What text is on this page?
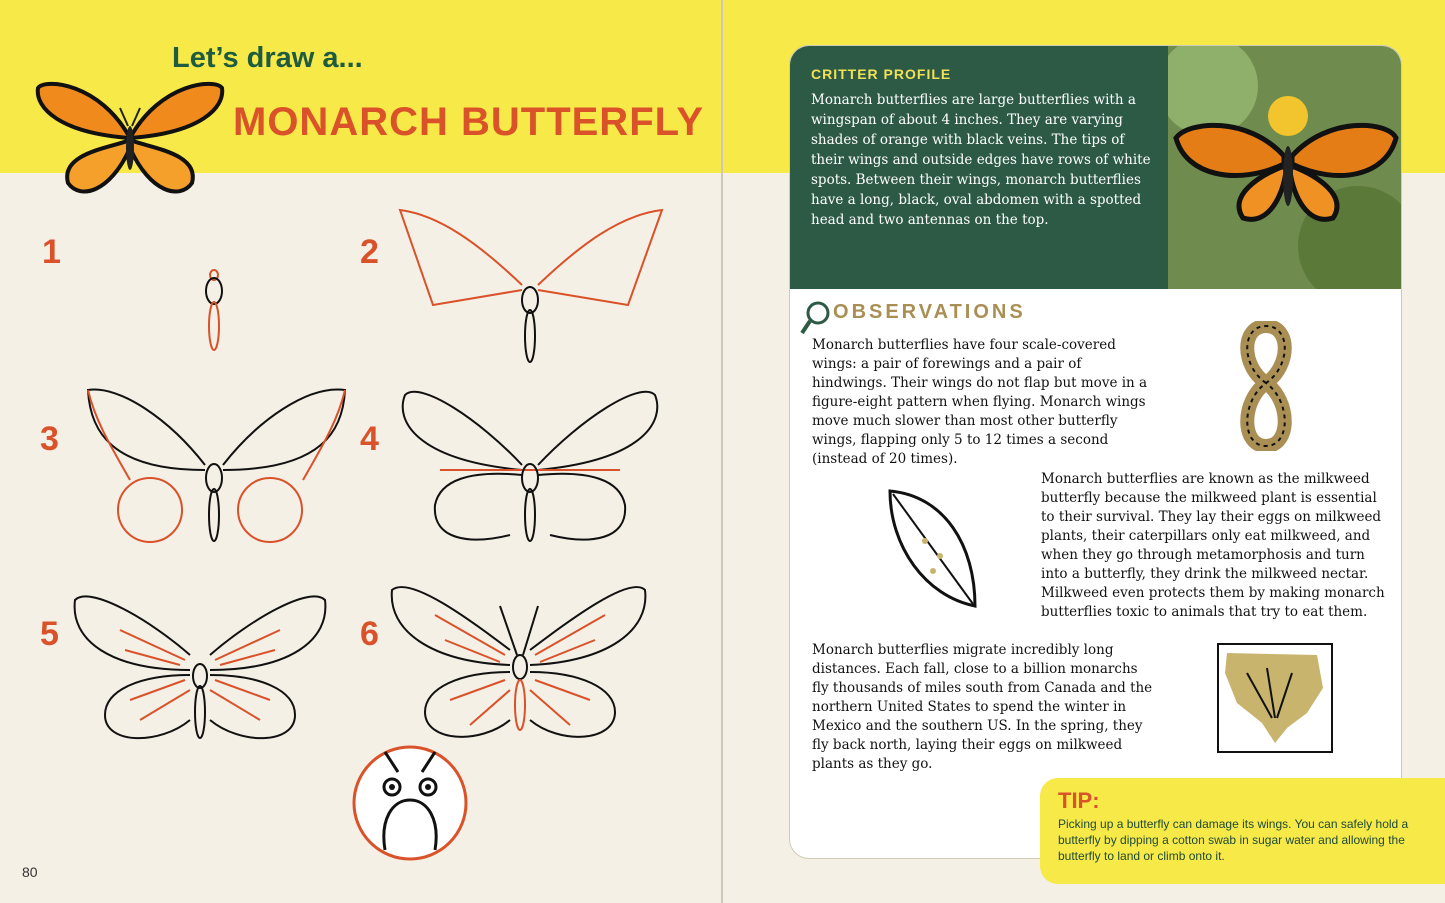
Let’s draw a...
MONARCH BUTTERFLY
1	2
3	4
5	6
80
CRITTER PROFILE
Monarch butterflies are large butterflies with a wingspan of about 4 inches. They are varying shades of orange with black veins. The tips of their wings and outside edges have rows of white spots. Between their wings, monarch butterflies have a long, black, oval abdomen with a spotted head and two antennas on the top.
OBSERVATIONS
Monarch butterflies have four scale-covered wings: a pair of forewings and a pair of hindwings. Their wings do not flap but move in a figure-eight pattern when flying. Monarch wings move much slower than most other butterfly wings, flapping only 5 to 12 times a second (instead of 20 times).
Monarch butterflies are known as the milkweed butterfly because the milkweed plant is essential to their survival. They lay their eggs on milkweed plants, their caterpillars only eat milkweed, and when they go through metamorphosis and turn into a butterfly, they drink the milkweed nectar. Milkweed even protects them by making monarch butterflies toxic to animals that try to eat them.
Monarch butterflies migrate incredibly long distances. Each fall, close to a billion monarchs fly thousands of miles south from Canada and the northern United States to spend the winter in Mexico and the southern US. In the spring, they fly back north, laying their eggs on milkweed plants as they go.
TIP:
Picking up a butterfly can damage its wings. You can safely hold a butterfly by dipping a cotton swab in sugar water and allowing the butterfly to land or climb onto it.
